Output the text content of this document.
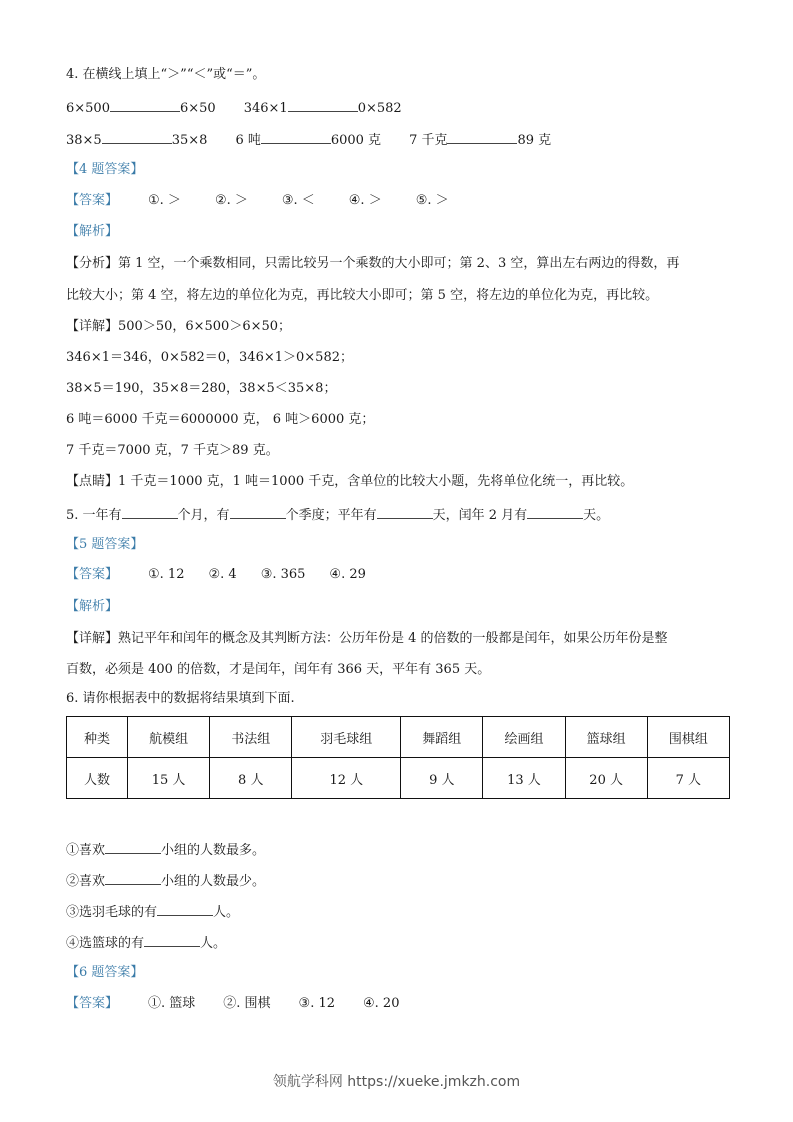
4. 在横线上填上“＞”“＜”或“＝”。
6×500	6×50 346×1	0×582
38×5	35×8 6 吨	6000 克 7 千克	89 克
【4 题答案】
【答案】 ①. ＞	②. ＞	③. ＜	④. ＞	⑤. ＞
【解析】
【分析】第 1 空，一个乘数相同，只需比较另一个乘数的大小即可；第 2、3 空，算出左右两边的得数，再
比较大小；第 4 空，将左边的单位化为克，再比较大小即可；第 5 空，将左边的单位化为克，再比较。
【详解】500＞50，6×500＞6×50；
346×1＝346，0×582＝0，346×1＞0×582；
38×5＝190，35×8＝280，38×5＜35×8；
6 吨＝6000 千克＝6000000 克， 6 吨＞6000 克；
7 千克＝7000 克，7 千克＞89 克。
【点睛】1 千克＝1000 克，1 吨＝1000 千克，含单位的比较大小题，先将单位化统一，再比较。
5. 一年有	个月，有	个季度；平年有	天，闰年 2 月有	天。
【5 题答案】
【答案】 ①. 12 ②. 4 ③. 365 ④. 29
【解析】
【详解】熟记平年和闰年的概念及其判断方法：公历年份是 4 的倍数的一般都是闰年，如果公历年份是整
百数，必须是 400 的倍数，才是闰年，闰年有 366 天，平年有 365 天。
6. 请你根据表中的数据将结果填到下面.
种类	航模组	书法组	羽毛球组	舞蹈组	绘画组	篮球组	围棋组
人数	15 人	8 人	12 人	9 人	13 人	20 人	7 人
①喜欢	小组的人数最多。
②喜欢	小组的人数最少。
③选羽毛球的有	人。
④选篮球的有	人。
【6 题答案】
【答案】 ①. 篮球 ②. 围棋 ③. 12 ④. 20
领航学科网 https://xueke.jmkzh.com
